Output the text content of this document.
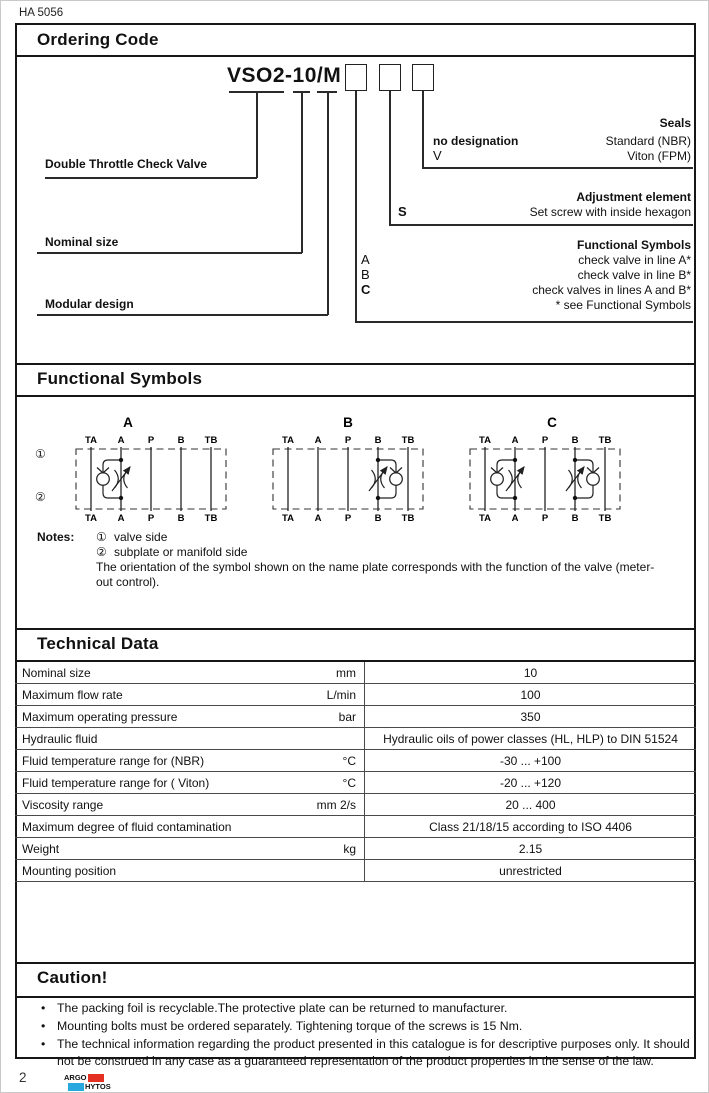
HA 5056
Ordering Code
VSO2-10/M
Double Throttle Check Valve
Nominal size
Modular design
Seals
no designation	Standard (NBR)
V	Viton (FPM)
Adjustment element
S	Set screw with inside hexagon
Functional Symbols
A	check valve in line A*
B	check valve in line B*
C	check valves in lines A and B*
* see Functional Symbols
Functional Symbols
①
②
A
TA A P B TB
TA A P B TB
B
TA A P B TB
TA A P B TB
C
TA A P B TB
TA A P B TB
Notes: ① valve side
② subplate or manifold side
The orientation of the symbol shown on the name plate corresponds with the function of the valve (meter-out control).
Technical Data
Nominal size	mm	10
Maximum flow rate	L/min	100
Maximum operating pressure	bar	350
Hydraulic fluid		Hydraulic oils of power classes (HL, HLP) to DIN 51524
Fluid temperature range for (NBR)	°C	-30 ... +100
Fluid temperature range for ( Viton)	°C	-20 ... +120
Viscosity range	mm 2/s	20 ... 400
Maximum degree of fluid contamination		Class 21/18/15 according to ISO 4406
Weight	kg	2.15
Mounting position		unrestricted
Caution!
• The packing foil is recyclable.The protective plate can be returned to manufacturer.
• Mounting bolts must be ordered separately. Tightening torque of the screws is 15 Nm.
• The technical information regarding the product presented in this catalogue is for descriptive purposes only. It should not be construed in any case as a guaranteed representation of the product properties in the sense of the law.
2	ARGO
HYTOS
